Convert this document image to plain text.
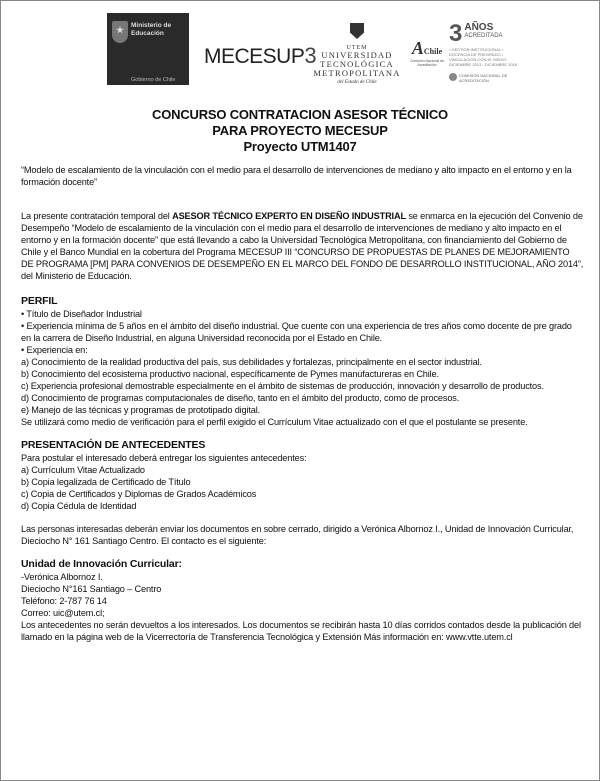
Ministerio de
Educación
Gobierno de Chile
MECESUP3	UTEM
UNIVERSIDAD
TECNOLÓGICA
METROPOLITANA
del Estado de Chile
AChile
Comisión Nacional de Acreditación
3 AÑOS
ACREDITADA
• GESTIÓN INSTITUCIONAL • DOCENCIA DE PREGRADO • VINCULACIÓN CON EL MEDIO
DICIEMBRE 2013 - DICIEMBRE 2016
COMISIÓN NACIONAL DE ACREDITACIÓN
CONCURSO CONTRATACION ASESOR TÉCNICO
PARA PROYECTO MECESUP
Proyecto UTM1407

“Modelo de escalamiento de la vinculación con el medio para el desarrollo de intervenciones de mediano y alto impacto en el entorno y en la formación docente”

La presente contratación temporal del ASESOR TÉCNICO EXPERTO EN DISEÑO INDUSTRIAL se enmarca en la ejecución del Convenio de Desempeño “Modelo de escalamiento de la vinculación con el medio para el desarrollo de intervenciones de mediano y alto impacto en el entorno y en la formación docente” que está llevando a cabo la Universidad Tecnológica Metropolitana, con financiamiento del Gobierno de Chile y el Banco Mundial en la cobertura del Programa MECESUP III “CONCURSO DE PROPUESTAS DE PLANES DE MEJORAMIENTO DE PROGRAMA [PM] PARA CONVENIOS DE DESEMPEÑO EN EL MARCO DEL FONDO DE DESARROLLO INSTITUCIONAL, AÑO 2014”, del Ministerio de Educación.

PERFIL

• Título de Diseñador Industrial

• Experiencia mínima de 5 años en el ámbito del diseño industrial. Que cuente con una experiencia de tres años como docente de pre grado en la carrera de Diseño Industrial, en alguna Universidad reconocida por el Estado en Chile.

• Experiencia en:

a) Conocimiento de la realidad productiva del país, sus debilidades y fortalezas, principalmente en el sector industrial.

b) Conocimiento del ecosistema productivo nacional, específicamente de Pymes manufactureras en Chile.

c) Experiencia profesional demostrable especialmente en el ámbito de sistemas de producción, innovación y desarrollo de productos.

d) Conocimiento de programas computacionales de diseño, tanto en el ámbito del producto, como de procesos.

e) Manejo de las técnicas y programas de prototipado digital.

Se utilizará como medio de verificación para el perfil exigido el Currículum Vitae actualizado con el que el postulante se presente.

PRESENTACIÓN DE ANTECEDENTES

Para postular el interesado deberá entregar los siguientes antecedentes:

a) Currículum Vitae Actualizado

b) Copia legalizada de Certificado de Título

c) Copia de Certificados y Diplomas de Grados Académicos

d) Copia Cédula de Identidad

Las personas interesadas deberán enviar los documentos en sobre cerrado, dirigido a Verónica Albornoz I., Unidad de Innovación Curricular, Dieciocho N° 161 Santiago Centro. El contacto es el siguiente:

Unidad de Innovación Curricular:

-Verónica Albornoz I.

Dieciocho N°161 Santiago – Centro

Teléfono: 2-787 76 14

Correo: uic@utem.cl;

Los antecedentes no serán devueltos a los interesados. Los documentos se recibirán hasta 10 días corridos contados desde la publicación del llamado en la página web de la Vicerrectoría de Transferencia Tecnológica y Extensión Más información en: www.vtte.utem.cl
